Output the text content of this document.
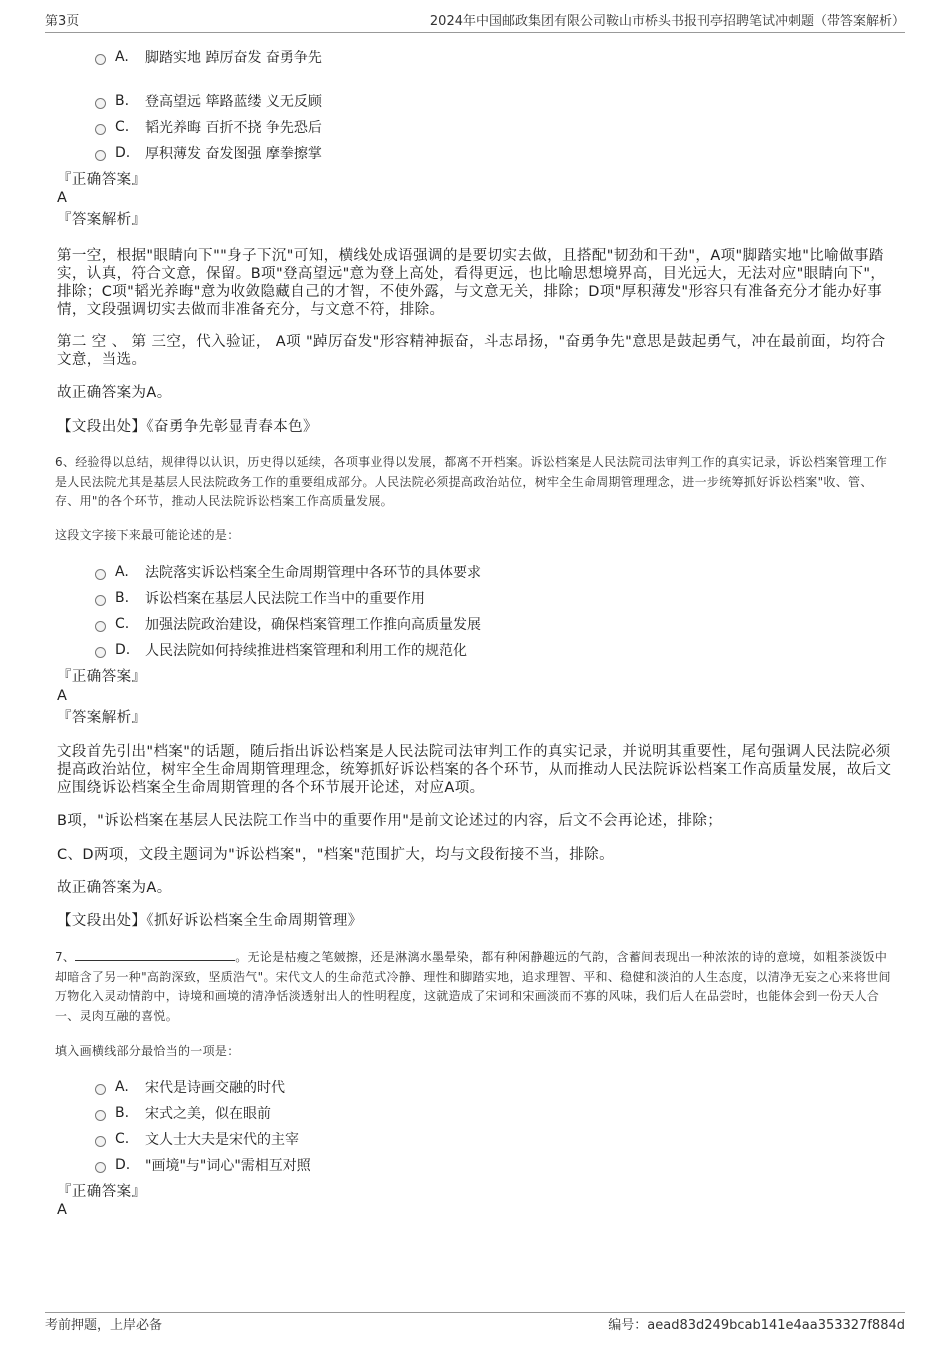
第3页	2024年中国邮政集团有限公司鞍山市桥头书报刊亭招聘笔试冲刺题（带答案解析）
A.	脚踏实地 踔厉奋发 奋勇争先
B.	登高望远 筚路蓝缕 义无反顾
C.	韬光养晦 百折不挠 争先恐后
D.	厚积薄发 奋发图强 摩拳擦掌
『正确答案』
A
『答案解析』
第一空，根据"眼睛向下""身子下沉"可知，横线处成语强调的是要切实去做，且搭配"韧劲和干劲"，A项"脚踏实地"比喻做事踏实，认真，符合文意，保留。B项"登高望远"意为登上高处，看得更远，也比喻思想境界高，目光远大，无法对应"眼睛向下"，排除；C项"韬光养晦"意为收敛隐藏自己的才智，不使外露，与文意无关，排除；D项"厚积薄发"形容只有准备充分才能办好事情，文段强调切实去做而非准备充分，与文意不符，排除。
第二 空 、 第 三空，代入验证， A项 "踔厉奋发"形容精神振奋，斗志昂扬，"奋勇争先"意思是鼓起勇气，冲在最前面，均符合文意，当选。
故正确答案为A。
【文段出处】《奋勇争先彰显青春本色》
6、经验得以总结，规律得以认识，历史得以延续，各项事业得以发展，都离不开档案。诉讼档案是人民法院司法审判工作的真实记录，诉讼档案管理工作是人民法院尤其是基层人民法院政务工作的重要组成部分。人民法院必须提高政治站位，树牢全生命周期管理理念，进一步统筹抓好诉讼档案"收、管、存、用"的各个环节，推动人民法院诉讼档案工作高质量发展。
这段文字接下来最可能论述的是：
A.	法院落实诉讼档案全生命周期管理中各环节的具体要求
B.	诉讼档案在基层人民法院工作当中的重要作用
C.	加强法院政治建设，确保档案管理工作推向高质量发展
D.	人民法院如何持续推进档案管理和利用工作的规范化
『正确答案』
A
『答案解析』
文段首先引出"档案"的话题，随后指出诉讼档案是人民法院司法审判工作的真实记录，并说明其重要性，尾句强调人民法院必须提高政治站位，树牢全生命周期管理理念，统筹抓好诉讼档案的各个环节，从而推动人民法院诉讼档案工作高质量发展，故后文应围绕诉讼档案全生命周期管理的各个环节展开论述，对应A项。
B项，"诉讼档案在基层人民法院工作当中的重要作用"是前文论述过的内容，后文不会再论述，排除；
C、D两项，文段主题词为"诉讼档案"，"档案"范围扩大，均与文段衔接不当，排除。
故正确答案为A。
【文段出处】《抓好诉讼档案全生命周期管理》
7、	。无论是枯瘦之笔皴擦，还是淋漓水墨晕染，都有种闲静趣远的气韵，含蓄间表现出一种浓浓的诗的意境，如粗茶淡饭中却暗含了另一种"高韵深致，坚质浩气"。宋代文人的生命范式冷静、理性和脚踏实地，追求理智、平和、稳健和淡泊的人生态度，以清净无妄之心来将世间万物化入灵动情韵中，诗境和画境的清净恬淡透射出人的性明程度，这就造成了宋词和宋画淡而不寡的风味，我们后人在品尝时，也能体会到一份天人合一、灵肉互融的喜悦。
填入画横线部分最恰当的一项是：
A.	宋代是诗画交融的时代
B.	宋式之美，似在眼前
C.	文人士大夫是宋代的主宰
D.	"画境"与"词心"需相互对照
『正确答案』
A
考前押题，上岸必备	编号：aead83d249bcab141e4aa353327f884d
